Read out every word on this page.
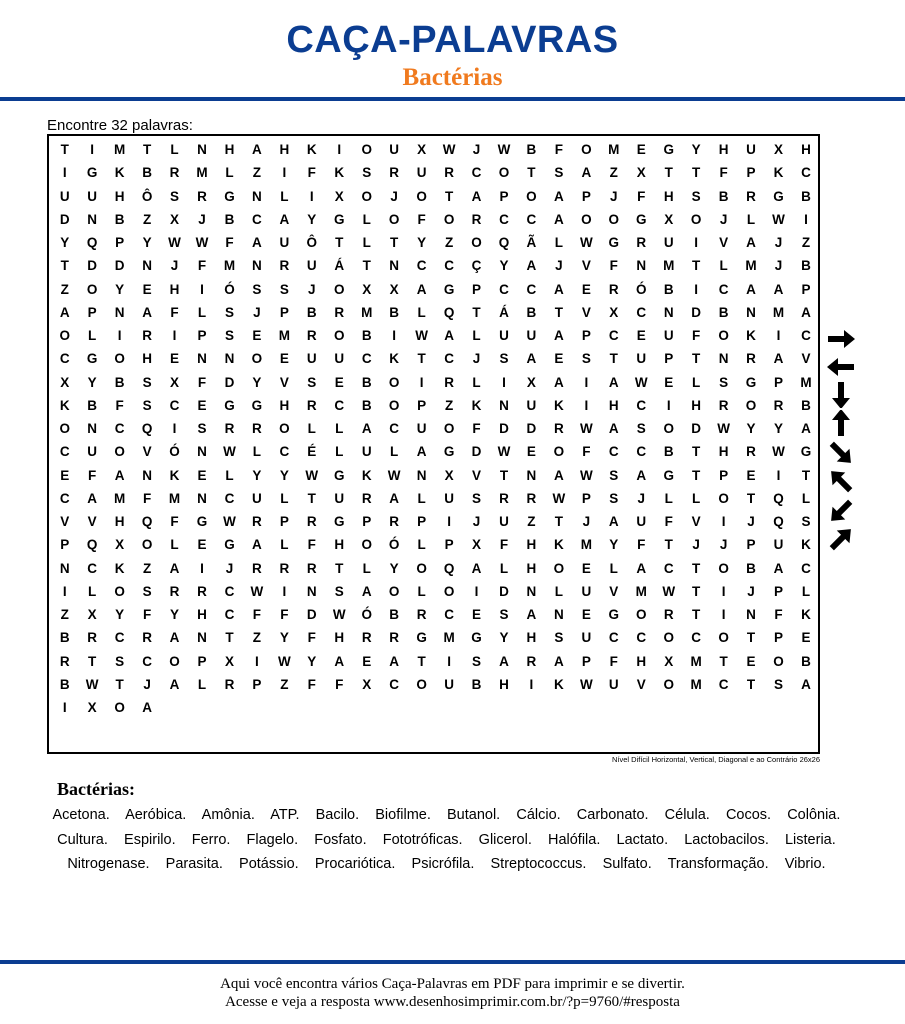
CAÇA-PALAVRAS
Bactérias
Encontre 32 palavras:
T	I	M	T	L	N	H	A	H	K	I	O	U	X	W	J	W	B	F	O	M	E	G	Y	H	U	X	H
I	G	K	B	R	M	L	Z	I	F	K	S	R	U	R	C	O	T	S	A	Z	X	T	T	F	P	K	C
U	U	H	Ô	S	R	G	N	L	I	X	O	J	O	T	A	P	O	A	P	J	F	H	S	B	R	G	B
D	N	B	Z	X	J	B	C	A	Y	G	L	O	F	O	R	C	C	A	O	O	G	X	O	J	L	W	I
Y	Q	P	Y	W	W	F	A	U	Ô	T	L	T	Y	Z	O	Q	Ã	L	W	G	R	U	I	V	A	J	Z
T	D	D	N	J	F	M	N	R	U	Á	T	N	C	C	Ç	Y	A	J	V	F	N	M	T	L	M	J	B
Z	O	Y	E	H	I	Ó	S	S	J	O	X	X	A	G	P	C	C	A	E	R	Ó	B	I	C	A	A	P
A	P	N	A	F	L	S	J	P	B	R	M	B	L	Q	T	Á	B	T	V	X	C	N	D	B	N	M	A
O	L	I	R	I	P	S	E	M	R	O	B	I	W	A	L	U	U	A	P	C	E	U	F	O	K	I	C
C	G	O	H	E	N	N	O	E	U	U	C	K	T	C	J	S	A	E	S	T	U	P	T	N	R	A	V
X	Y	B	S	X	F	D	Y	V	S	E	B	O	I	R	L	I	X	A	I	A	W	E	L	S	G	P	M
K	B	F	S	C	E	G	G	H	R	C	B	O	P	Z	K	N	U	K	I	H	C	I	H	R	O	R	B
O	N	C	Q	I	S	R	R	O	L	L	A	C	U	O	F	D	D	R	W	A	S	O	D	W	Y	Y	A
C	U	O	V	Ó	N	W	L	C	É	L	U	L	A	G	D	W	E	O	F	C	C	B	T	H	R	W	G
E	F	A	N	K	E	L	Y	Y	W	G	K	W	N	X	V	T	N	A	W	S	A	G	T	P	E	I	T
C	A	M	F	M	N	C	U	L	T	U	R	A	L	U	S	R	R	W	P	S	J	L	L	O	T	Q	L
V	V	H	Q	F	G	W	R	P	R	G	P	R	P	I	J	U	Z	T	J	A	U	F	V	I	J	Q	S
P	Q	X	O	L	E	G	A	L	F	H	O	Ó	L	P	X	F	H	K	M	Y	F	T	J	J	P	U	K
N	C	K	Z	A	I	J	R	R	R	T	L	Y	O	Q	A	L	H	O	E	L	A	C	T	O	B	A	C
I	L	O	S	R	R	C	W	I	N	S	A	O	L	O	I	D	N	L	U	V	M	W	T	I	J	P	L
Z	X	Y	F	Y	H	C	F	F	D	W	Ó	B	R	C	E	S	A	N	E	G	O	R	T	I	N	F	K
B	R	C	R	A	N	T	Z	Y	F	H	R	R	G	M	G	Y	H	S	U	C	C	O	C	O	T	P	E
R	T	S	C	O	P	X	I	W	Y	A	E	A	T	I	S	A	R	A	P	F	H	X	M	T	E	O	B
B	W	T	J	A	L	R	P	Z	F	F	X	C	O	U	B	H	I	K	W	U	V	O	M	C	T	S	A
I	X	O	A
Nível Difícil Horizontal, Vertical, Diagonal e ao Contrário 26x26
Bactérias:
Acetona. Aeróbica. Amônia. ATP. Bacilo. Biofilme. Butanol. Cálcio. Carbonato. Célula. Cocos. Colônia.    Cultura. Espirilo. Ferro. Flagelo. Fosfato. Fototróficas. Glicerol. Halófila. Lactato. Lactobacilos. Listeria.    Nitrogenase. Parasita. Potássio. Procariótica. Psicrófila. Streptococcus. Sulfato. Transformação. Vibrio.
Aqui você encontra vários Caça-Palavras em PDF para imprimir e se divertir.
Acesse e veja a resposta www.desenhosimprimir.com.br/?p=9760/#resposta
